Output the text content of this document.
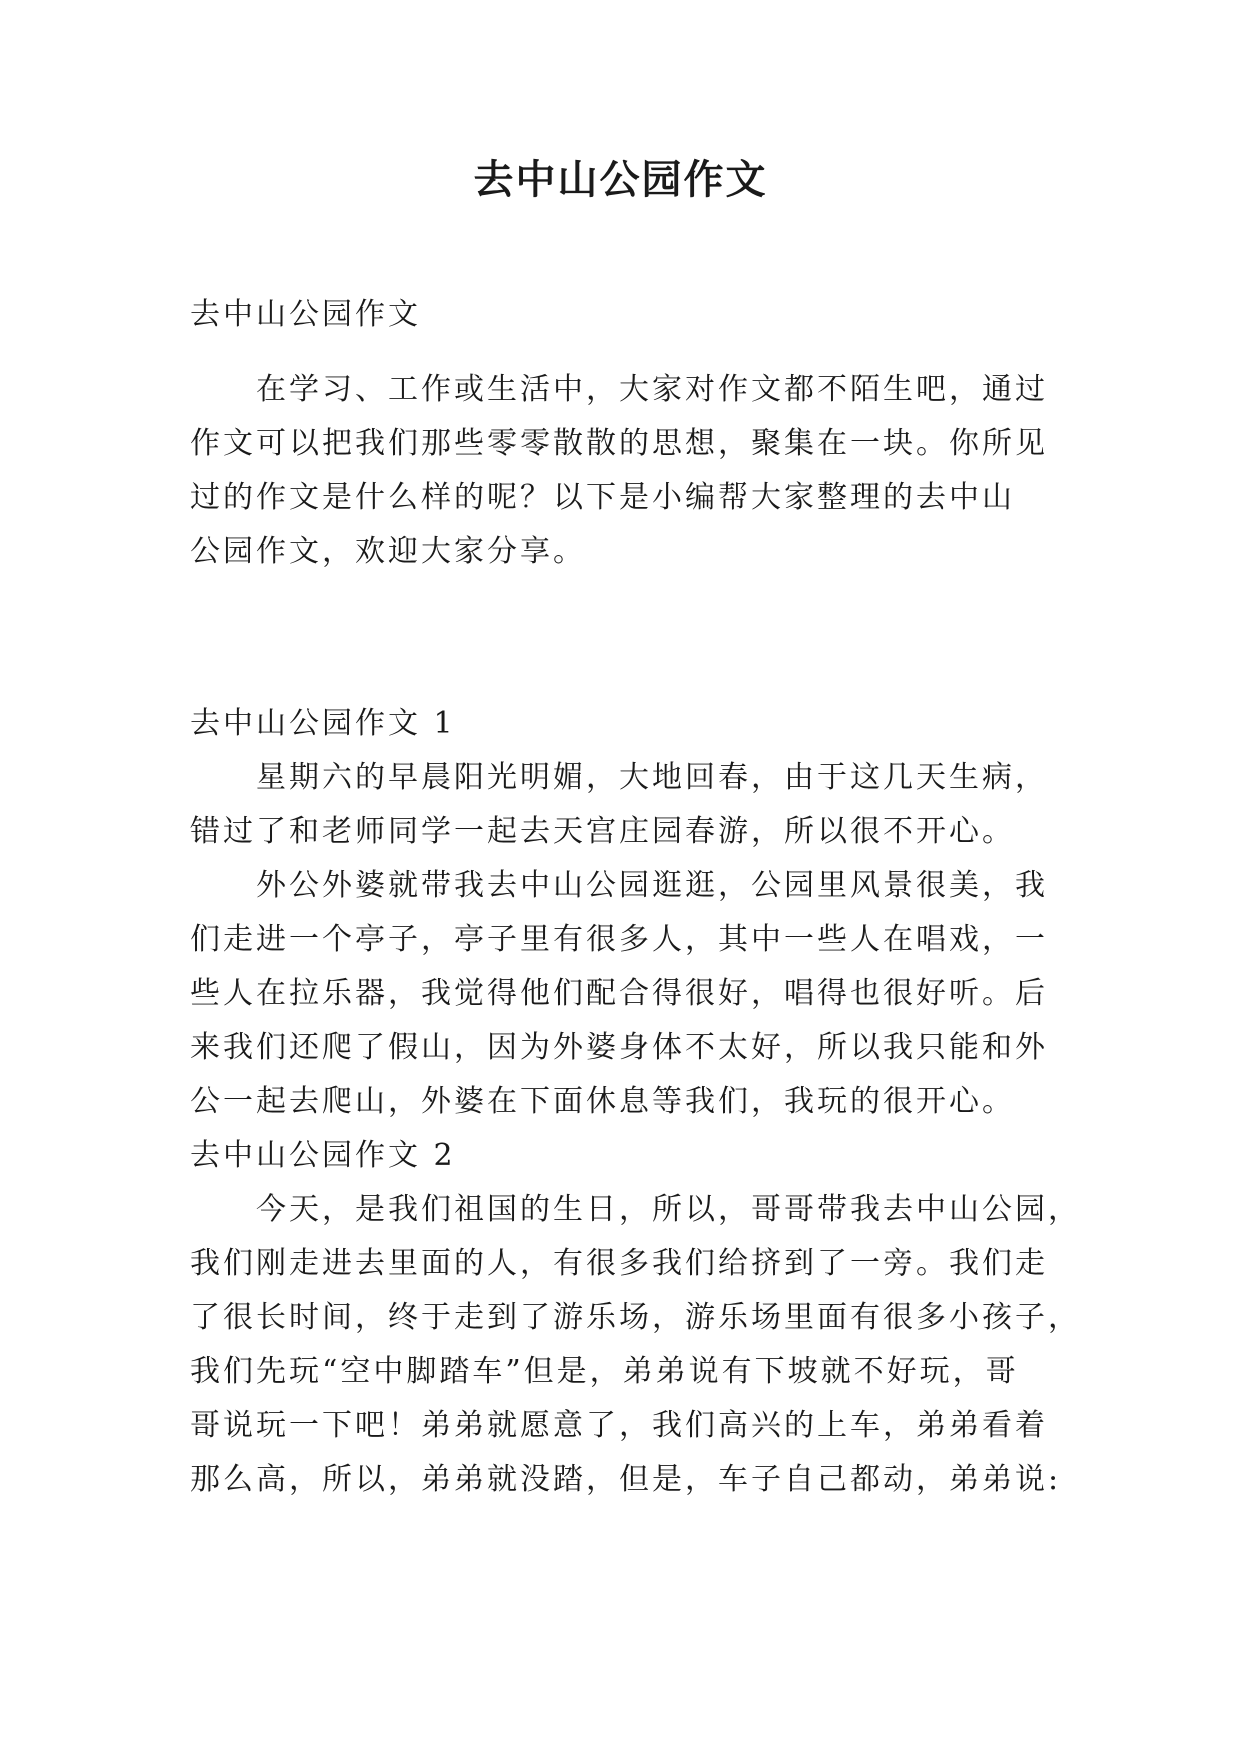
去中山公园作文
去中山公园作文
在学习、工作或生活中，大家对作文都不陌生吧，通过
作文可以把我们那些零零散散的思想，聚集在一块。你所见
过的作文是什么样的呢？以下是小编帮大家整理的去中山
公园作文，欢迎大家分享。
去中山公园作文 1
星期六的早晨阳光明媚，大地回春，由于这几天生病，
错过了和老师同学一起去天宫庄园春游，所以很不开心。
外公外婆就带我去中山公园逛逛，公园里风景很美，我
们走进一个亭子，亭子里有很多人，其中一些人在唱戏，一
些人在拉乐器，我觉得他们配合得很好，唱得也很好听。后
来我们还爬了假山，因为外婆身体不太好，所以我只能和外
公一起去爬山，外婆在下面休息等我们，我玩的很开心。
去中山公园作文 2
今天，是我们祖国的生日，所以，哥哥带我去中山公园，
我们刚走进去里面的人，有很多我们给挤到了一旁。我们走
了很长时间，终于走到了游乐场，游乐场里面有很多小孩子，
我们先玩“空中脚踏车”但是，弟弟说有下坡就不好玩，哥
哥说玩一下吧！弟弟就愿意了，我们高兴的上车，弟弟看着
那么高，所以，弟弟就没踏，但是，车子自己都动，弟弟说:
